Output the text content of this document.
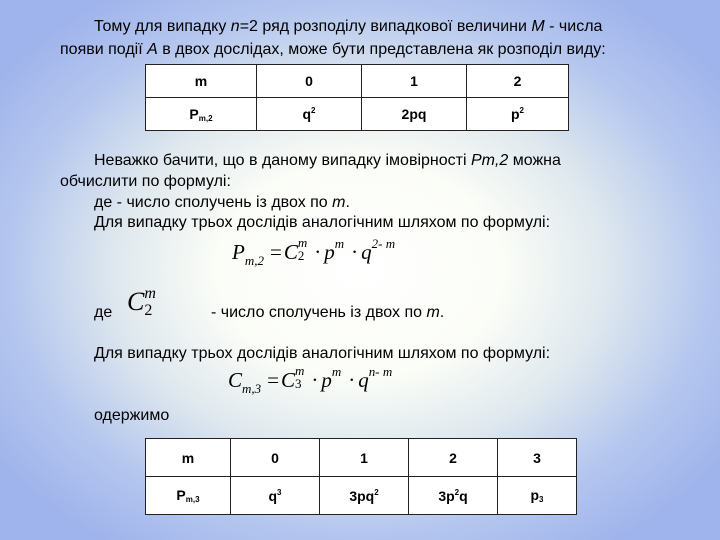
Тому для випадку n=2 ряд розподілу випадкової величини M - числа
появи події A в двох дослідах, може бути представлена як розподіл виду:
m	0	1	2
$P_{m,2}$	$q^2$	2pq	$p^2$
Неважко бачити, що в даному випадку імовірності Pm,2 можна
обчислити по формулі:
де - число сполучень із двох по m.
Для випадку трьох дослідів аналогічним шляхом по формулі:
$P_{m,2} =C$ m
$2 \cdot p^m \cdot q^{2- m}$
де C m
2	- число сполучень із двох по m.
Для випадку трьох дослідів аналогічним шляхом по формулі:
$C_{m,3} =C$ m
$3 \cdot p^m \cdot q^{n- m}$
одержимо
m	0	1	2	3
$P_{m,3}$	$q^3$	$3pq^2$	$3p^2q$	$p_3$
